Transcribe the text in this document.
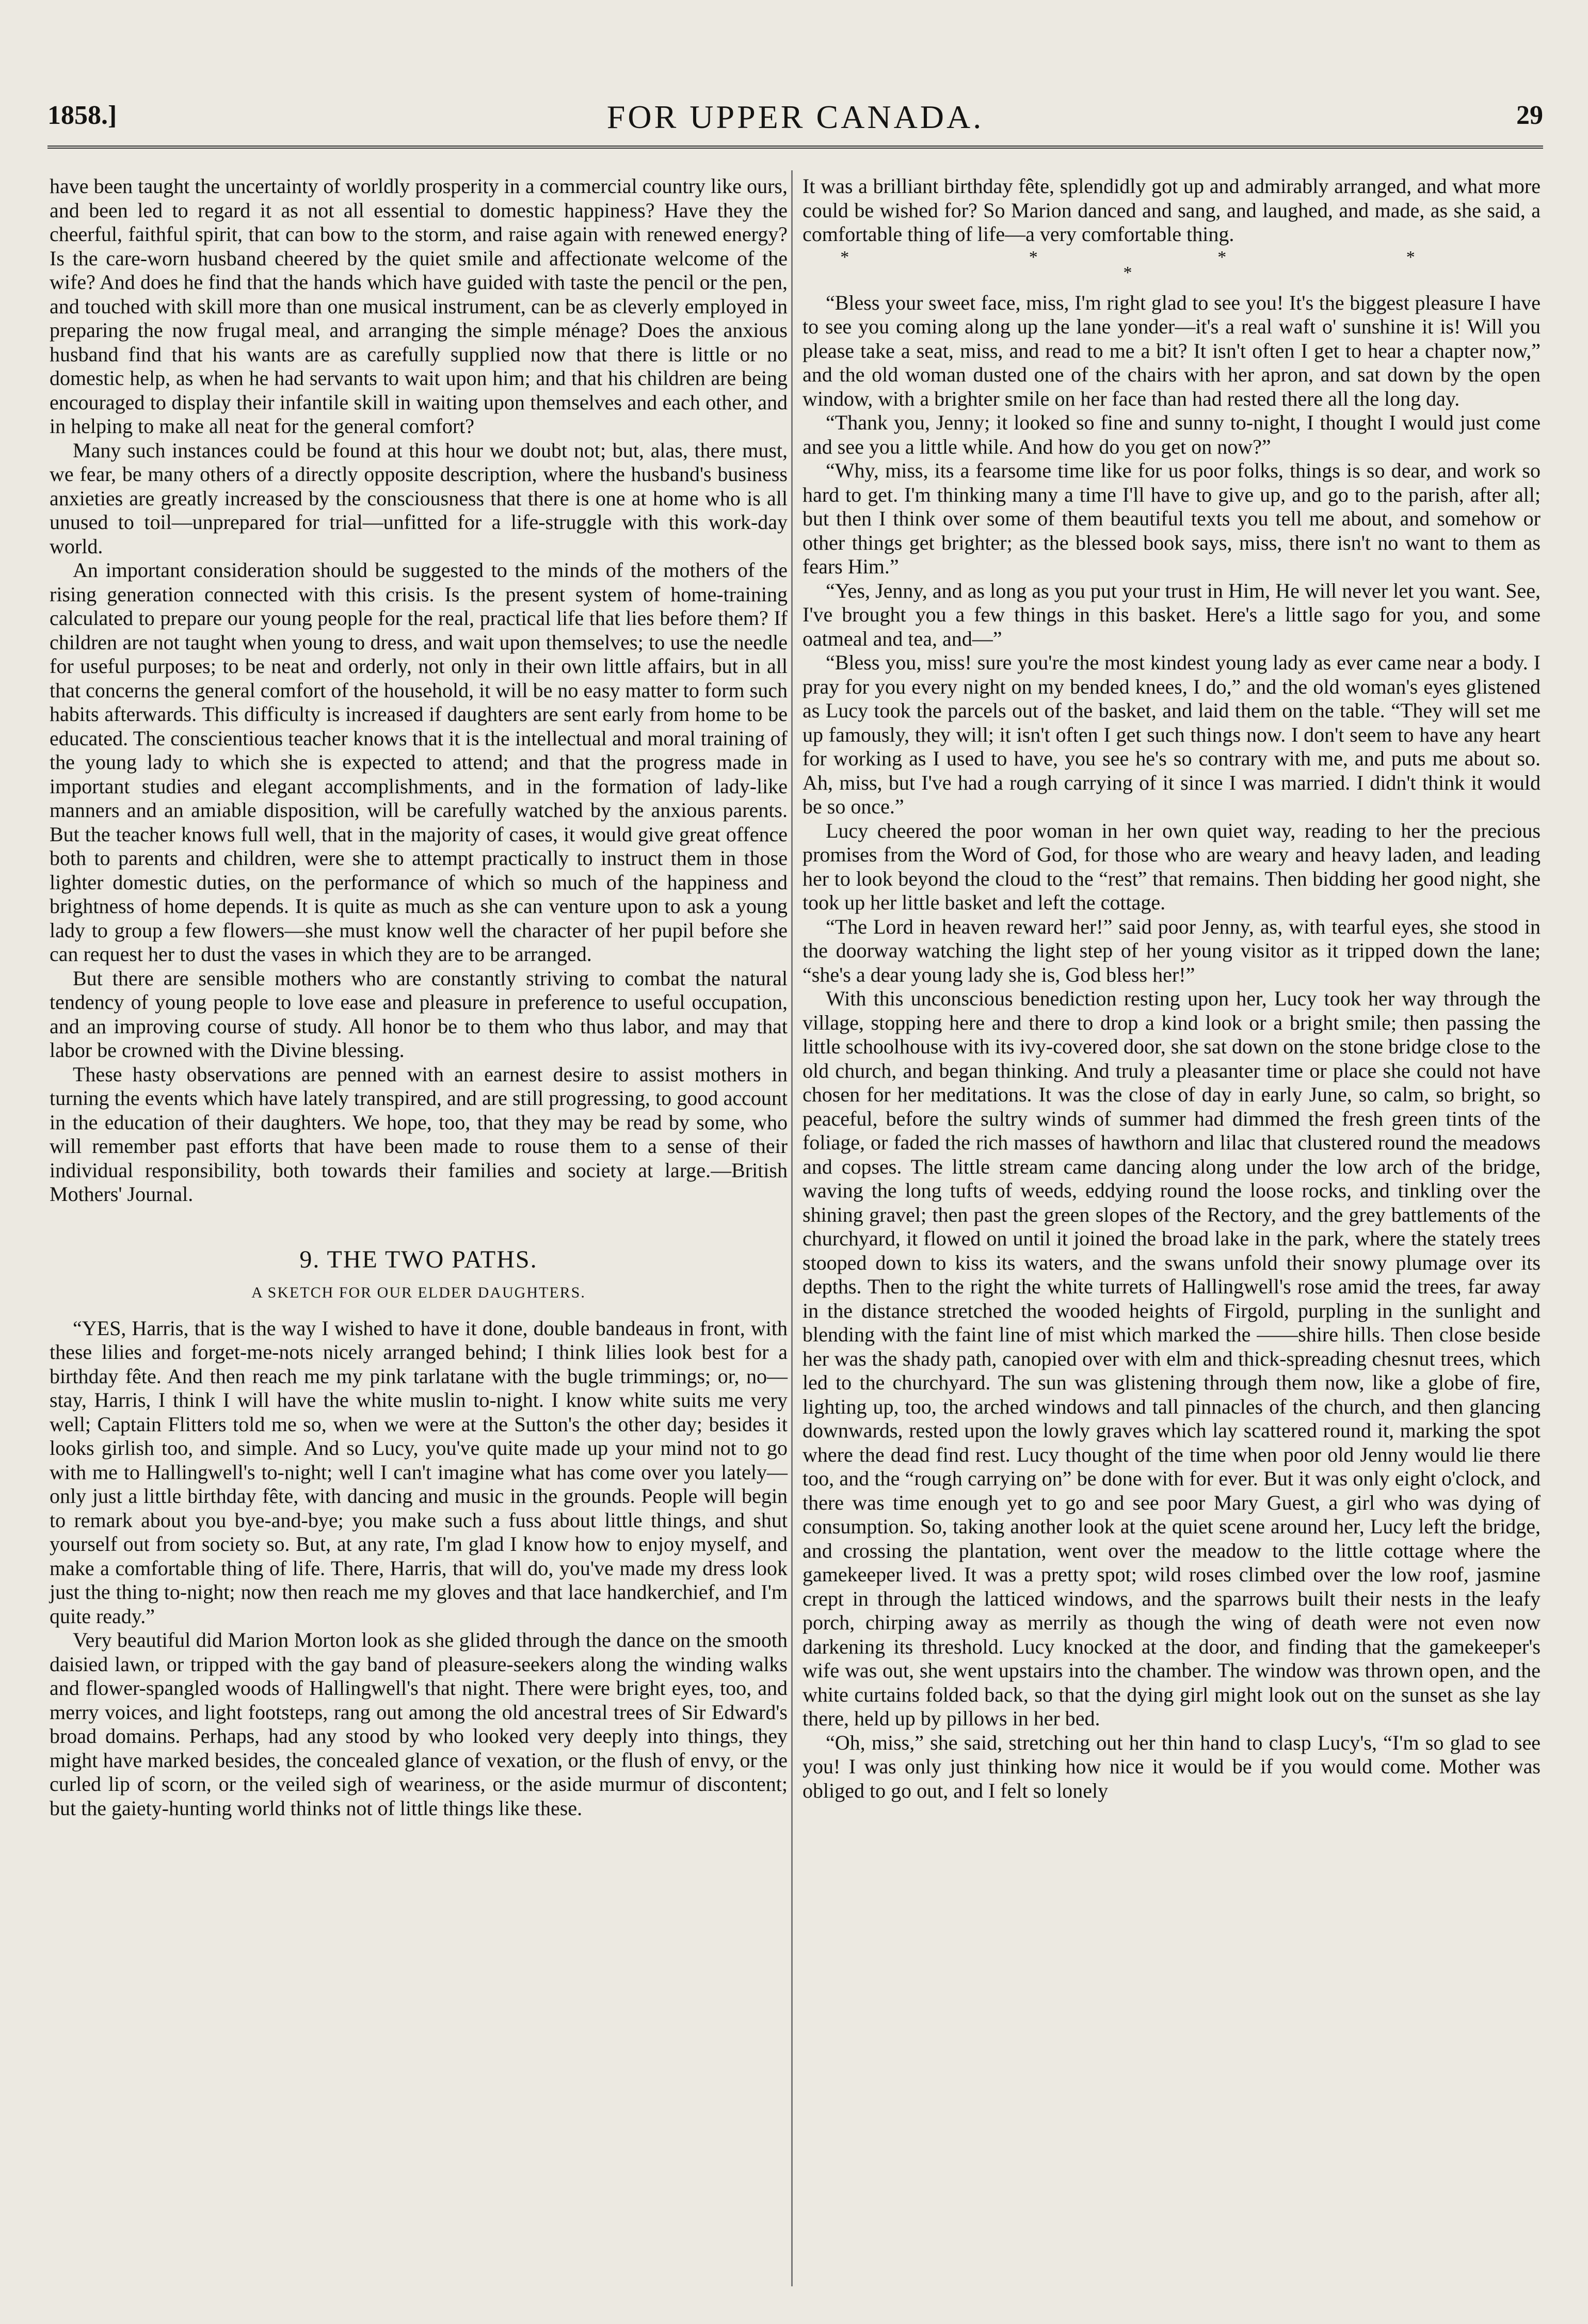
1858.]	FOR UPPER CANADA.	29

have been taught the uncertainty of worldly prosperity in a commercial country like ours, and been led to regard it as not all essential to domestic happiness? Have they the cheerful, faithful spirit, that can bow to the storm, and raise again with renewed energy? Is the care-worn husband cheered by the quiet smile and affectionate welcome of the wife? And does he find that the hands which have guided with taste the pencil or the pen, and touched with skill more than one musical instrument, can be as cleverly employed in preparing the now frugal meal, and arranging the simple ménage? Does the anxious husband find that his wants are as carefully supplied now that there is little or no domestic help, as when he had servants to wait upon him; and that his children are being encouraged to display their infantile skill in waiting upon themselves and each other, and in helping to make all neat for the general comfort?

Many such instances could be found at this hour we doubt not; but, alas, there must, we fear, be many others of a directly opposite description, where the husband's business anxieties are greatly increased by the consciousness that there is one at home who is all unused to toil—unprepared for trial—unfitted for a life-struggle with this work-day world.

An important consideration should be suggested to the minds of the mothers of the rising generation connected with this crisis. Is the present system of home-training calculated to prepare our young people for the real, practical life that lies before them? If children are not taught when young to dress, and wait upon themselves; to use the needle for useful purposes; to be neat and orderly, not only in their own little affairs, but in all that concerns the general comfort of the household, it will be no easy matter to form such habits afterwards. This difficulty is increased if daughters are sent early from home to be educated. The conscientious teacher knows that it is the intellectual and moral training of the young lady to which she is expected to attend; and that the progress made in important studies and elegant accomplishments, and in the formation of lady-like manners and an amiable disposition, will be carefully watched by the anxious parents. But the teacher knows full well, that in the majority of cases, it would give great offence both to parents and children, were she to attempt practically to instruct them in those lighter domestic duties, on the performance of which so much of the happiness and brightness of home depends. It is quite as much as she can venture upon to ask a young lady to group a few flowers—she must know well the character of her pupil before she can request her to dust the vases in which they are to be arranged.

But there are sensible mothers who are constantly striving to combat the natural tendency of young people to love ease and pleasure in preference to useful occupation, and an improving course of study. All honor be to them who thus labor, and may that labor be crowned with the Divine blessing.

These hasty observations are penned with an earnest desire to assist mothers in turning the events which have lately transpired, and are still progressing, to good account in the education of their daughters. We hope, too, that they may be read by some, who will remember past efforts that have been made to rouse them to a sense of their individual responsibility, both towards their families and society at large.—British Mothers' Journal.

9. THE TWO PATHS.
A SKETCH FOR OUR ELDER DAUGHTERS.

“YES, Harris, that is the way I wished to have it done, double bandeaus in front, with these lilies and forget-me-nots nicely arranged behind; I think lilies look best for a birthday fête. And then reach me my pink tarlatane with the bugle trimmings; or, no—stay, Harris, I think I will have the white muslin to-night. I know white suits me very well; Captain Flitters told me so, when we were at the Sutton's the other day; besides it looks girlish too, and simple. And so Lucy, you've quite made up your mind not to go with me to Hallingwell's to-night; well I can't imagine what has come over you lately—only just a little birthday fête, with dancing and music in the grounds. People will begin to remark about you bye-and-bye; you make such a fuss about little things, and shut yourself out from society so. But, at any rate, I'm glad I know how to enjoy myself, and make a comfortable thing of life. There, Harris, that will do, you've made my dress look just the thing to-night; now then reach me my gloves and that lace handkerchief, and I'm quite ready.”

Very beautiful did Marion Morton look as she glided through the dance on the smooth daisied lawn, or tripped with the gay band of pleasure-seekers along the winding walks and flower-spangled woods of Hallingwell's that night. There were bright eyes, too, and merry voices, and light footsteps, rang out among the old ancestral trees of Sir Edward's broad domains. Perhaps, had any stood by who looked very deeply into things, they might have marked besides, the concealed glance of vexation, or the flush of envy, or the curled lip of scorn, or the veiled sigh of weariness, or the aside murmur of discontent; but the gaiety-hunting world thinks not of little things like these.

It was a brilliant birthday fête, splendidly got up and admirably arranged, and what more could be wished for? So Marion danced and sang, and laughed, and made, as she said, a comfortable thing of life—a very comfortable thing.

* * * * *

“Bless your sweet face, miss, I'm right glad to see you! It's the biggest pleasure I have to see you coming along up the lane yonder—it's a real waft o' sunshine it is! Will you please take a seat, miss, and read to me a bit? It isn't often I get to hear a chapter now,” and the old woman dusted one of the chairs with her apron, and sat down by the open window, with a brighter smile on her face than had rested there all the long day.

“Thank you, Jenny; it looked so fine and sunny to-night, I thought I would just come and see you a little while. And how do you get on now?”

“Why, miss, its a fearsome time like for us poor folks, things is so dear, and work so hard to get. I'm thinking many a time I'll have to give up, and go to the parish, after all; but then I think over some of them beautiful texts you tell me about, and somehow or other things get brighter; as the blessed book says, miss, there isn't no want to them as fears Him.”

“Yes, Jenny, and as long as you put your trust in Him, He will never let you want. See, I've brought you a few things in this basket. Here's a little sago for you, and some oatmeal and tea, and—”

“Bless you, miss! sure you're the most kindest young lady as ever came near a body. I pray for you every night on my bended knees, I do,” and the old woman's eyes glistened as Lucy took the parcels out of the basket, and laid them on the table. “They will set me up famously, they will; it isn't often I get such things now. I don't seem to have any heart for working as I used to have, you see he's so contrary with me, and puts me about so. Ah, miss, but I've had a rough carrying of it since I was married. I didn't think it would be so once.”

Lucy cheered the poor woman in her own quiet way, reading to her the precious promises from the Word of God, for those who are weary and heavy laden, and leading her to look beyond the cloud to the “rest” that remains. Then bidding her good night, she took up her little basket and left the cottage.

“The Lord in heaven reward her!” said poor Jenny, as, with tearful eyes, she stood in the doorway watching the light step of her young visitor as it tripped down the lane; “she's a dear young lady she is, God bless her!”

With this unconscious benediction resting upon her, Lucy took her way through the village, stopping here and there to drop a kind look or a bright smile; then passing the little schoolhouse with its ivy-covered door, she sat down on the stone bridge close to the old church, and began thinking. And truly a pleasanter time or place she could not have chosen for her meditations. It was the close of day in early June, so calm, so bright, so peaceful, before the sultry winds of summer had dimmed the fresh green tints of the foliage, or faded the rich masses of hawthorn and lilac that clustered round the meadows and copses. The little stream came dancing along under the low arch of the bridge, waving the long tufts of weeds, eddying round the loose rocks, and tinkling over the shining gravel; then past the green slopes of the Rectory, and the grey battlements of the churchyard, it flowed on until it joined the broad lake in the park, where the stately trees stooped down to kiss its waters, and the swans unfold their snowy plumage over its depths. Then to the right the white turrets of Hallingwell's rose amid the trees, far away in the distance stretched the wooded heights of Firgold, purpling in the sunlight and blending with the faint line of mist which marked the ——shire hills. Then close beside her was the shady path, canopied over with elm and thick-spreading chesnut trees, which led to the churchyard. The sun was glistening through them now, like a globe of fire, lighting up, too, the arched windows and tall pinnacles of the church, and then glancing downwards, rested upon the lowly graves which lay scattered round it, marking the spot where the dead find rest. Lucy thought of the time when poor old Jenny would lie there too, and the “rough carrying on” be done with for ever. But it was only eight o'clock, and there was time enough yet to go and see poor Mary Guest, a girl who was dying of consumption. So, taking another look at the quiet scene around her, Lucy left the bridge, and crossing the plantation, went over the meadow to the little cottage where the gamekeeper lived. It was a pretty spot; wild roses climbed over the low roof, jasmine crept in through the latticed windows, and the sparrows built their nests in the leafy porch, chirping away as merrily as though the wing of death were not even now darkening its threshold. Lucy knocked at the door, and finding that the gamekeeper's wife was out, she went upstairs into the chamber. The window was thrown open, and the white curtains folded back, so that the dying girl might look out on the sunset as she lay there, held up by pillows in her bed.

“Oh, miss,” she said, stretching out her thin hand to clasp Lucy's, “I'm so glad to see you! I was only just thinking how nice it would be if you would come. Mother was obliged to go out, and I felt so lonely
